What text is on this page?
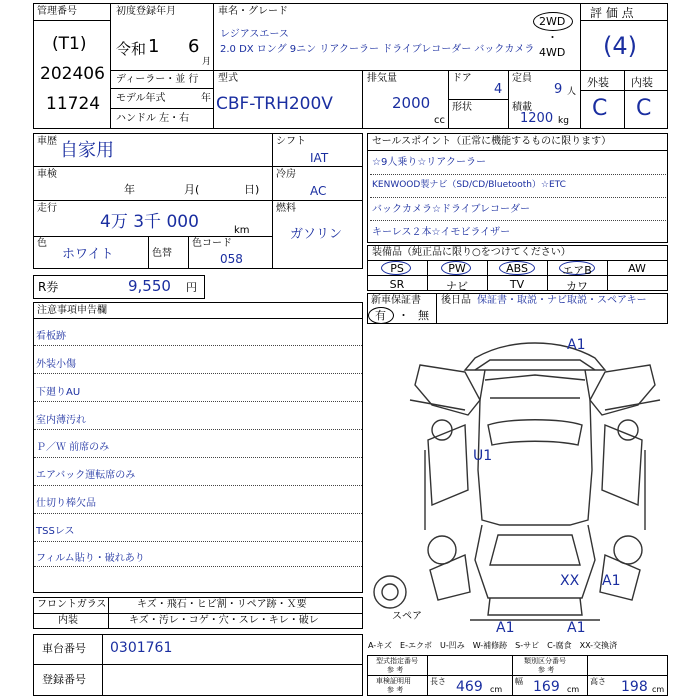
管理番号
(T1)
202406
11724
初度登録年月
令和 1 6
月
車名・グレード
レジアスエース
2.0 DX ロング 9ニン リアクーラー ドライブレコーダー バックカメラ
2WD
・
4WD
評 価 点
(4)
外装 内装
C C
ディーラー・並 行
モデル年式	年
ハンドル 左・右
型式
CBF-TRH200V
排気量
2000
cc
ドア
4
形状
定員
9 人
積載
1200 kg
車歴 自家用
車検
年	月(	日)
走行
4万 3千 000	km
色
ホワイト	色替
色コード
058
シフト
IAT
冷房
AC
燃料
ガソリン
R券	9,550 円
セールスポイント（正常に機能するものに限ります）
☆9人乗り☆リアクーラー
KENWOOD製ナビ（SD/CD/Bluetooth）☆ETC
バックカメラ☆ドライブレコーダー
キーレス２本☆イモビライザー
装備品（純正品に限り○をつけてください）
PS	PW	ABS	エアB	AW
SR	ナビ	TV	カワ
新車保証書
有 ・ 無
後日品 保証書・取説・ナビ取説・スペアキー
注意事項申告欄
看板跡
外装小傷
下廻りAU
室内薄汚れ
Ｐ／Ｗ 前席のみ
エアバック運転席のみ
仕切り棒欠品
TSSレス
フィルム貼り・破れあり
フロントガラス	キズ・飛石・ヒビ割・リペア跡・Ｘ要
内装	キズ・汚レ・コゲ・穴・スレ・キレ・破レ
車台番号 0301761
登録番号
A-キズ　E-エクボ　U-凹み　W-補修跡　S-サビ　C-腐食　XX-交換済
型式指定番号
参 考
類別区分番号
参 考
車検証明用
参 考
長さ 469 cm
幅 169 cm
高さ 198 cm
A1
U1
XX A1
A1	A1
スペア
